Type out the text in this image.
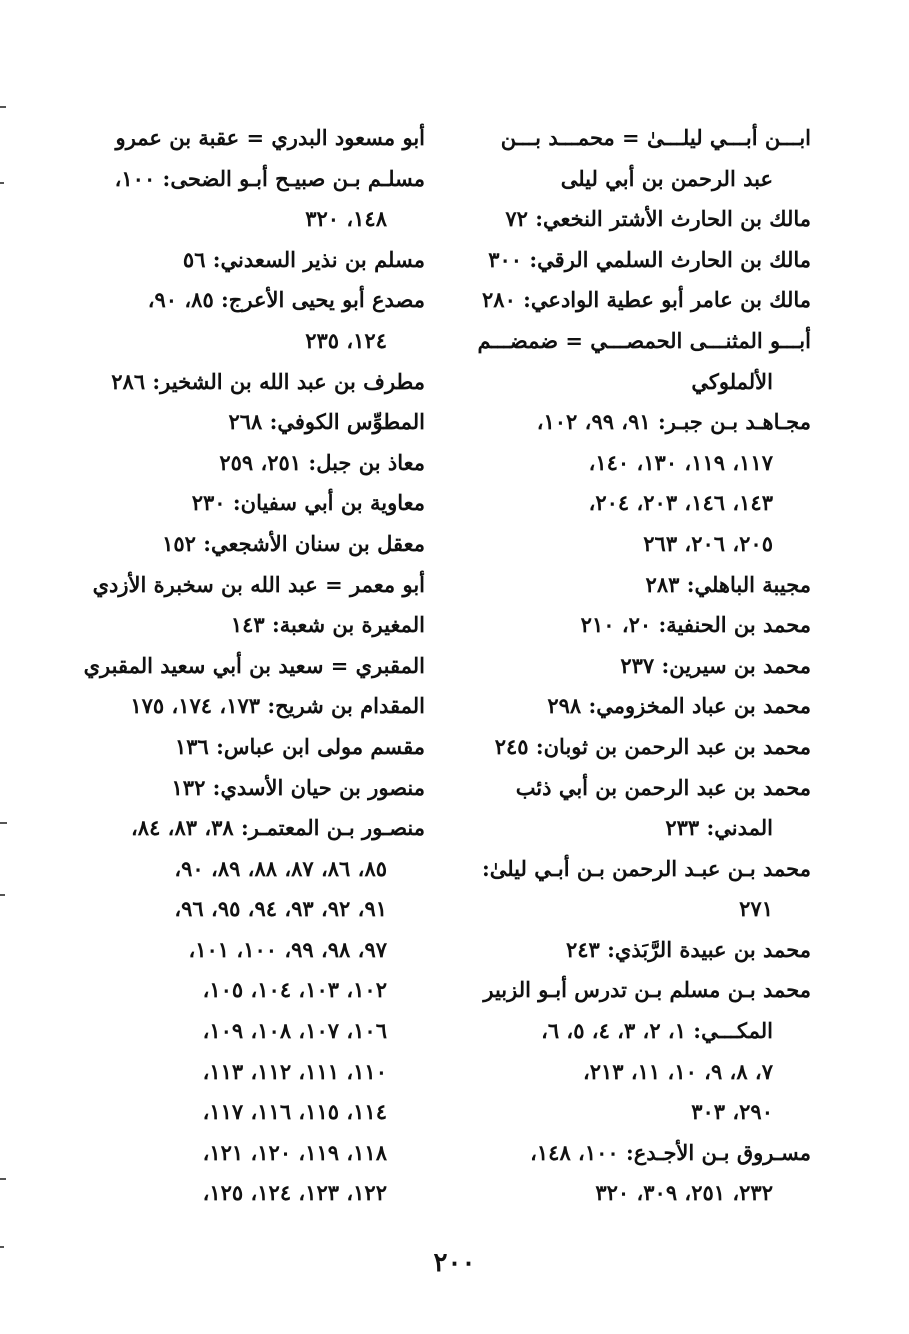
ابـــن أبـــي ليلـــیٰ = محمـــد بـــن
عبد الرحمن بن أبي ليلى
مالك بن الحارث الأشتر النخعي: ٧٢
مالك بن الحارث السلمي الرقي: ٣٠٠
مالك بن عامر أبو عطية الوادعي: ٢٨٠
أبـــو المثنـــى الحمصـــي = ضمضـــم
الألملوكي
مجـاهـد بـن جبـر: ٩١، ٩٩، ١٠٢،
١١٧، ١١٩، ١٣٠، ١٤٠،
١٤٣، ١٤٦، ٢٠٣، ٢٠٤،
٢٠٥، ٢٠٦، ٢٦٣
مجيبة الباهلي: ٢٨٣
محمد بن الحنفية: ٢٠، ٢١٠
محمد بن سيرين: ٢٣٧
محمد بن عباد المخزومي: ٢٩٨
محمد بن عبد الرحمن بن ثوبان: ٢٤٥
محمد بن عبد الرحمن بن أبي ذئب
المدني: ٢٣٣
محمد بـن عبـد الرحمن بـن أبـي ليلیٰ:
٢٧١
محمد بن عبيدة الرَّبَذي: ٢٤٣
محمد بـن مسلم بـن تدرس أبـو الزبير
المكـــي: ١، ٢، ٣، ٤، ٥، ٦،
٧، ٨، ٩، ١٠، ١١، ٢١٣،
٢٩٠، ٣٠٣
مسـروق بـن الأجـدع: ١٠٠، ١٤٨،
٢٣٢، ٢٥١، ٣٠٩، ٣٢٠
أبو مسعود البدري = عقبة بن عمرو
مسلـم بـن صبيـح أبـو الضحى: ١٠٠،
١٤٨، ٣٢٠
مسلم بن نذير السعدني: ٥٦
مصدع أبو يحيى الأعرج: ٨٥، ٩٠،
١٢٤، ٢٣٥
مطرف بن عبد الله بن الشخير: ٢٨٦
المطوِّس الكوفي: ٢٦٨
معاذ بن جبل: ٢٥١، ٢٥٩
معاوية بن أبي سفيان: ٢٣٠
معقل بن سنان الأشجعي: ١٥٢
أبو معمر = عبد الله بن سخبرة الأزدي
المغيرة بن شعبة: ١٤٣
المقبري = سعيد بن أبي سعيد المقبري
المقدام بن شريح: ١٧٣، ١٧٤، ١٧٥
مقسم مولى ابن عباس: ١٣٦
منصور بن حيان الأسدي: ١٣٢
منصـور بـن المعتمـر: ٣٨، ٨٣، ٨٤،
٨٥، ٨٦، ٨٧، ٨٨، ٨٩، ٩٠،
٩١، ٩٢، ٩٣، ٩٤، ٩٥، ٩٦،
٩٧، ٩٨، ٩٩، ١٠٠، ١٠١،
١٠٢، ١٠٣، ١٠٤، ١٠٥،
١٠٦، ١٠٧، ١٠٨، ١٠٩،
١١٠، ١١١، ١١٢، ١١٣،
١١٤، ١١٥، ١١٦، ١١٧،
١١٨، ١١٩، ١٢٠، ١٢١،
١٢٢، ١٢٣، ١٢٤، ١٢٥،
٢٠٠
